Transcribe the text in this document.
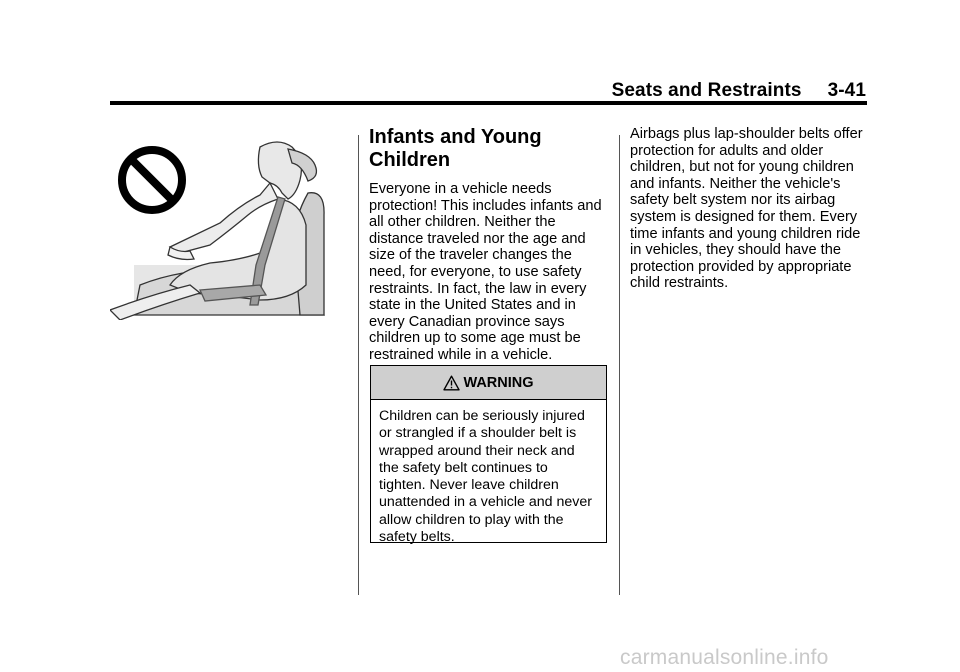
Seats and Restraints 3-41
Infants and Young
Children

Everyone in a vehicle needs

protection! This includes infants and

all other children. Neither the

distance traveled nor the age and

size of the traveler changes the

need, for everyone, to use safety

restraints. In fact, the law in every

state in the United States and in

every Canadian province says

children up to some age must be

restrained while in a vehicle.

WARNING
Children can be seriously injured
or strangled if a shoulder belt is
wrapped around their neck and
the safety belt continues to
tighten. Never leave children
unattended in a vehicle and never
allow children to play with the
safety belts.

Airbags plus lap-shoulder belts offer

protection for adults and older

children, but not for young children

and infants. Neither the vehicle's

safety belt system nor its airbag

system is designed for them. Every

time infants and young children ride

in vehicles, they should have the

protection provided by appropriate

child restraints.

carmanualsonline.info
